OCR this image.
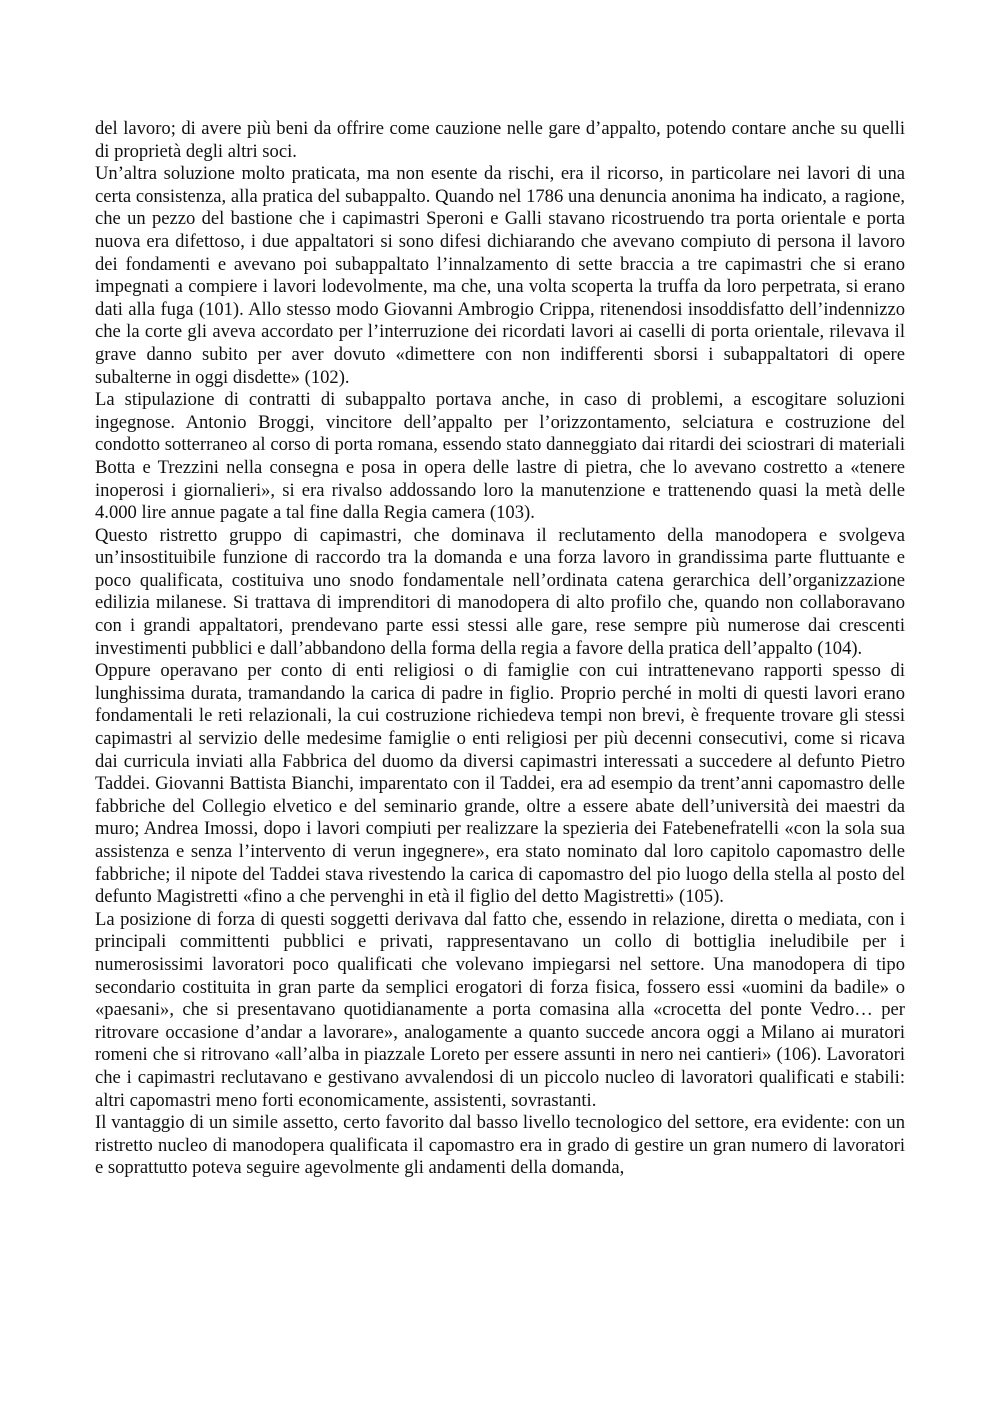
del lavoro; di avere più beni da offrire come cauzione nelle gare d’appalto, potendo contare anche su quelli di proprietà degli altri soci.

Un’altra soluzione molto praticata, ma non esente da rischi, era il ricorso, in particolare nei lavori di una certa consistenza, alla pratica del subappalto. Quando nel 1786 una denuncia anonima ha indicato, a ragione, che un pezzo del bastione che i capimastri Speroni e Galli stavano ricostruendo tra porta orientale e porta nuova era difettoso, i due appaltatori si sono difesi dichiarando che avevano compiuto di persona il lavoro dei fondamenti e avevano poi subappaltato l’innalzamento di sette braccia a tre capimastri che si erano impegnati a compiere i lavori lodevolmente, ma che, una volta scoperta la truffa da loro perpetrata, si erano dati alla fuga (101). Allo stesso modo Giovanni Ambrogio Crippa, ritenendosi insoddisfatto dell’indennizzo che la corte gli aveva accordato per l’interruzione dei ricordati lavori ai caselli di porta orientale, rilevava il grave danno subito per aver dovuto «dimettere con non indifferenti sborsi i subappaltatori di opere subalterne in oggi disdette» (102).

La stipulazione di contratti di subappalto portava anche, in caso di problemi, a escogitare soluzioni ingegnose. Antonio Broggi, vincitore dell’appalto per l’orizzontamento, selciatura e costruzione del condotto sotterraneo al corso di porta romana, essendo stato danneggiato dai ritardi dei sciostrari di materiali Botta e Trezzini nella consegna e posa in opera delle lastre di pietra, che lo avevano costretto a «tenere inoperosi i giornalieri», si era rivalso addossando loro la manutenzione e trattenendo quasi la metà delle 4.000 lire annue pagate a tal fine dalla Regia camera (103).

Questo ristretto gruppo di capimastri, che dominava il reclutamento della manodopera e svolgeva un’insostituibile funzione di raccordo tra la domanda e una forza lavoro in grandissima parte fluttuante e poco qualificata, costituiva uno snodo fondamentale nell’ordinata catena gerarchica dell’organizzazione edilizia milanese. Si trattava di imprenditori di manodopera di alto profilo che, quando non collaboravano con i grandi appaltatori, prendevano parte essi stessi alle gare, rese sempre più numerose dai crescenti investimenti pubblici e dall’abbandono della forma della regia a favore della pratica dell’appalto (104).

Oppure operavano per conto di enti religiosi o di famiglie con cui intrattenevano rapporti spesso di lunghissima durata, tramandando la carica di padre in figlio. Proprio perché in molti di questi lavori erano fondamentali le reti relazionali, la cui costruzione richiedeva tempi non brevi, è frequente trovare gli stessi capimastri al servizio delle medesime famiglie o enti religiosi per più decenni consecutivi, come si ricava dai curricula inviati alla Fabbrica del duomo da diversi capimastri interessati a succedere al defunto Pietro Taddei. Giovanni Battista Bianchi, imparentato con il Taddei, era ad esempio da trent’anni capomastro delle fabbriche del Collegio elvetico e del seminario grande, oltre a essere abate dell’università dei maestri da muro; Andrea Imossi, dopo i lavori compiuti per realizzare la spezieria dei Fatebenefratelli «con la sola sua assistenza e senza l’intervento di verun ingegnere», era stato nominato dal loro capitolo capomastro delle fabbriche; il nipote del Taddei stava rivestendo la carica di capomastro del pio luogo della stella al posto del defunto Magistretti «fino a che pervenghi in età il figlio del detto Magistretti» (105).

La posizione di forza di questi soggetti derivava dal fatto che, essendo in relazione, diretta o mediata, con i principali committenti pubblici e privati, rappresentavano un collo di bottiglia ineludibile per i numerosissimi lavoratori poco qualificati che volevano impiegarsi nel settore. Una manodopera di tipo secondario costituita in gran parte da semplici erogatori di forza fisica, fossero essi «uomini da badile» o «paesani», che si presentavano quotidianamente a porta comasina alla «crocetta del ponte Vedro… per ritrovare occasione d’andar a lavorare», analogamente a quanto succede ancora oggi a Milano ai muratori romeni che si ritrovano «all’alba in piazzale Loreto per essere assunti in nero nei cantieri» (106). Lavoratori che i capimastri reclutavano e gestivano avvalendosi di un piccolo nucleo di lavoratori qualificati e stabili: altri capomastri meno forti economicamente, assistenti, sovrastanti.

Il vantaggio di un simile assetto, certo favorito dal basso livello tecnologico del settore, era evidente: con un ristretto nucleo di manodopera qualificata il capomastro era in grado di gestire un gran numero di lavoratori e soprattutto poteva seguire agevolmente gli andamenti della domanda,
